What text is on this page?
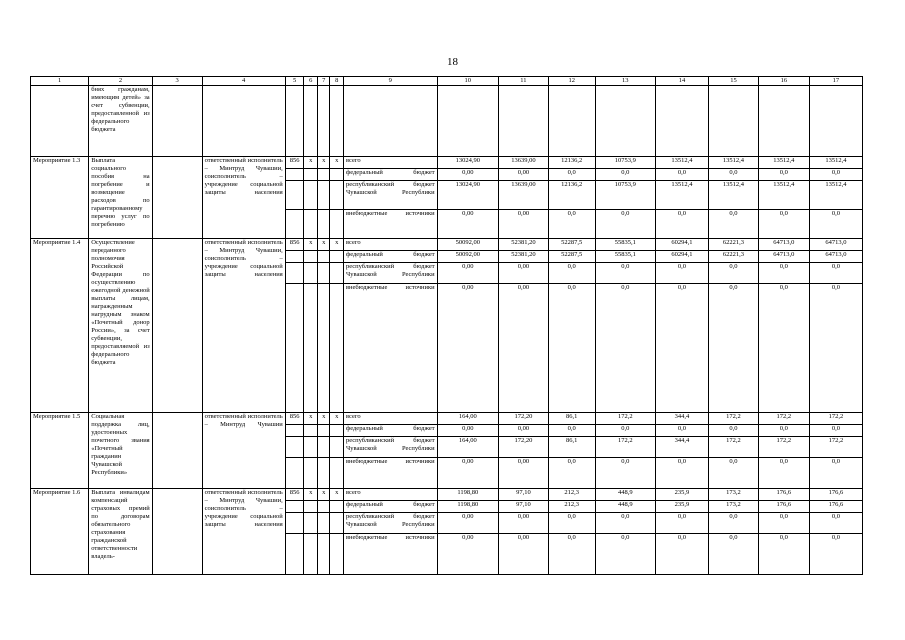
18
1	2	3	4	5	6	7	8	9	10	11	12	13	14	15	16	17
	бнях гражданам, имеющим детей» за счет субвенции, предоставленной из федерального бюджета															
Мероприятие 1.3	Выплата социального пособия на погребение и возмещение расходов по гарантированному перечню услуг по погребению		ответственный исполнитель – Минтруд Чувашии, соисполнитель – учреждение социальной защиты населения	856	x	x	x	всего	13024,90	13639,00	12136,2	10753,9	13512,4	13512,4	13512,4	13512,4
								федеральный бюджет	0,00	0,00	0,0	0,0	0,0	0,0	0,0	0,0
								республиканский бюджет Чувашской Республики	13024,90	13639,00	12136,2	10753,9	13512,4	13512,4	13512,4	13512,4
								внебюджетные источники	0,00	0,00	0,0	0,0	0,0	0,0	0,0	0,0
Мероприятие 1.4	Осуществление переданного полномочия Российской Федерации по осуществлению ежегодной денежной выплаты лицам, награжденным нагрудным знаком «Почетный донор России», за счет субвенции, предоставляемой из федерального бюджета		ответственный исполнитель – Минтруд Чувашии, соисполнитель – учреждение социальной защиты населения	856	x	x	x	всего	50092,00	52381,20	52287,5	55835,1	60294,1	62221,3	64713,0	64713,0
								федеральный бюджет	50092,00	52381,20	52287,5	55835,1	60294,1	62221,3	64713,0	64713,0
								республиканский бюджет Чувашской Республики	0,00	0,00	0,0	0,0	0,0	0,0	0,0	0,0
								внебюджетные источники	0,00	0,00	0,0	0,0	0,0	0,0	0,0	0,0
Мероприятие 1.5	Социальная поддержка лиц, удостоенных почетного звания «Почетный гражданин Чувашской Республики»		ответственный исполнитель – Минтруд Чувашии	856	x	x	x	всего	164,00	172,20	86,1	172,2	344,4	172,2	172,2	172,2
								федеральный бюджет	0,00	0,00	0,0	0,0	0,0	0,0	0,0	0,0
								республиканский бюджет Чувашской Республики	164,00	172,20	86,1	172,2	344,4	172,2	172,2	172,2
								внебюджетные источники	0,00	0,00	0,0	0,0	0,0	0,0	0,0	0,0
Мероприятие 1.6	Выплата инвалидам компенсаций страховых премий по договорам обязательного страхования гражданской ответственности владель-		ответственный исполнитель – Минтруд Чувашии, соисполнитель – учреждение социальной защиты населения	856	x	x	x	всего	1198,80	97,10	212,3	448,9	235,9	173,2	176,6	176,6
								федеральный бюджет	1198,80	97,10	212,3	448,9	235,9	173,2	176,6	176,6
								республиканский бюджет Чувашской Республики	0,00	0,00	0,0	0,0	0,0	0,0	0,0	0,0
								внебюджетные источники	0,00	0,00	0,0	0,0	0,0	0,0	0,0	0,0
